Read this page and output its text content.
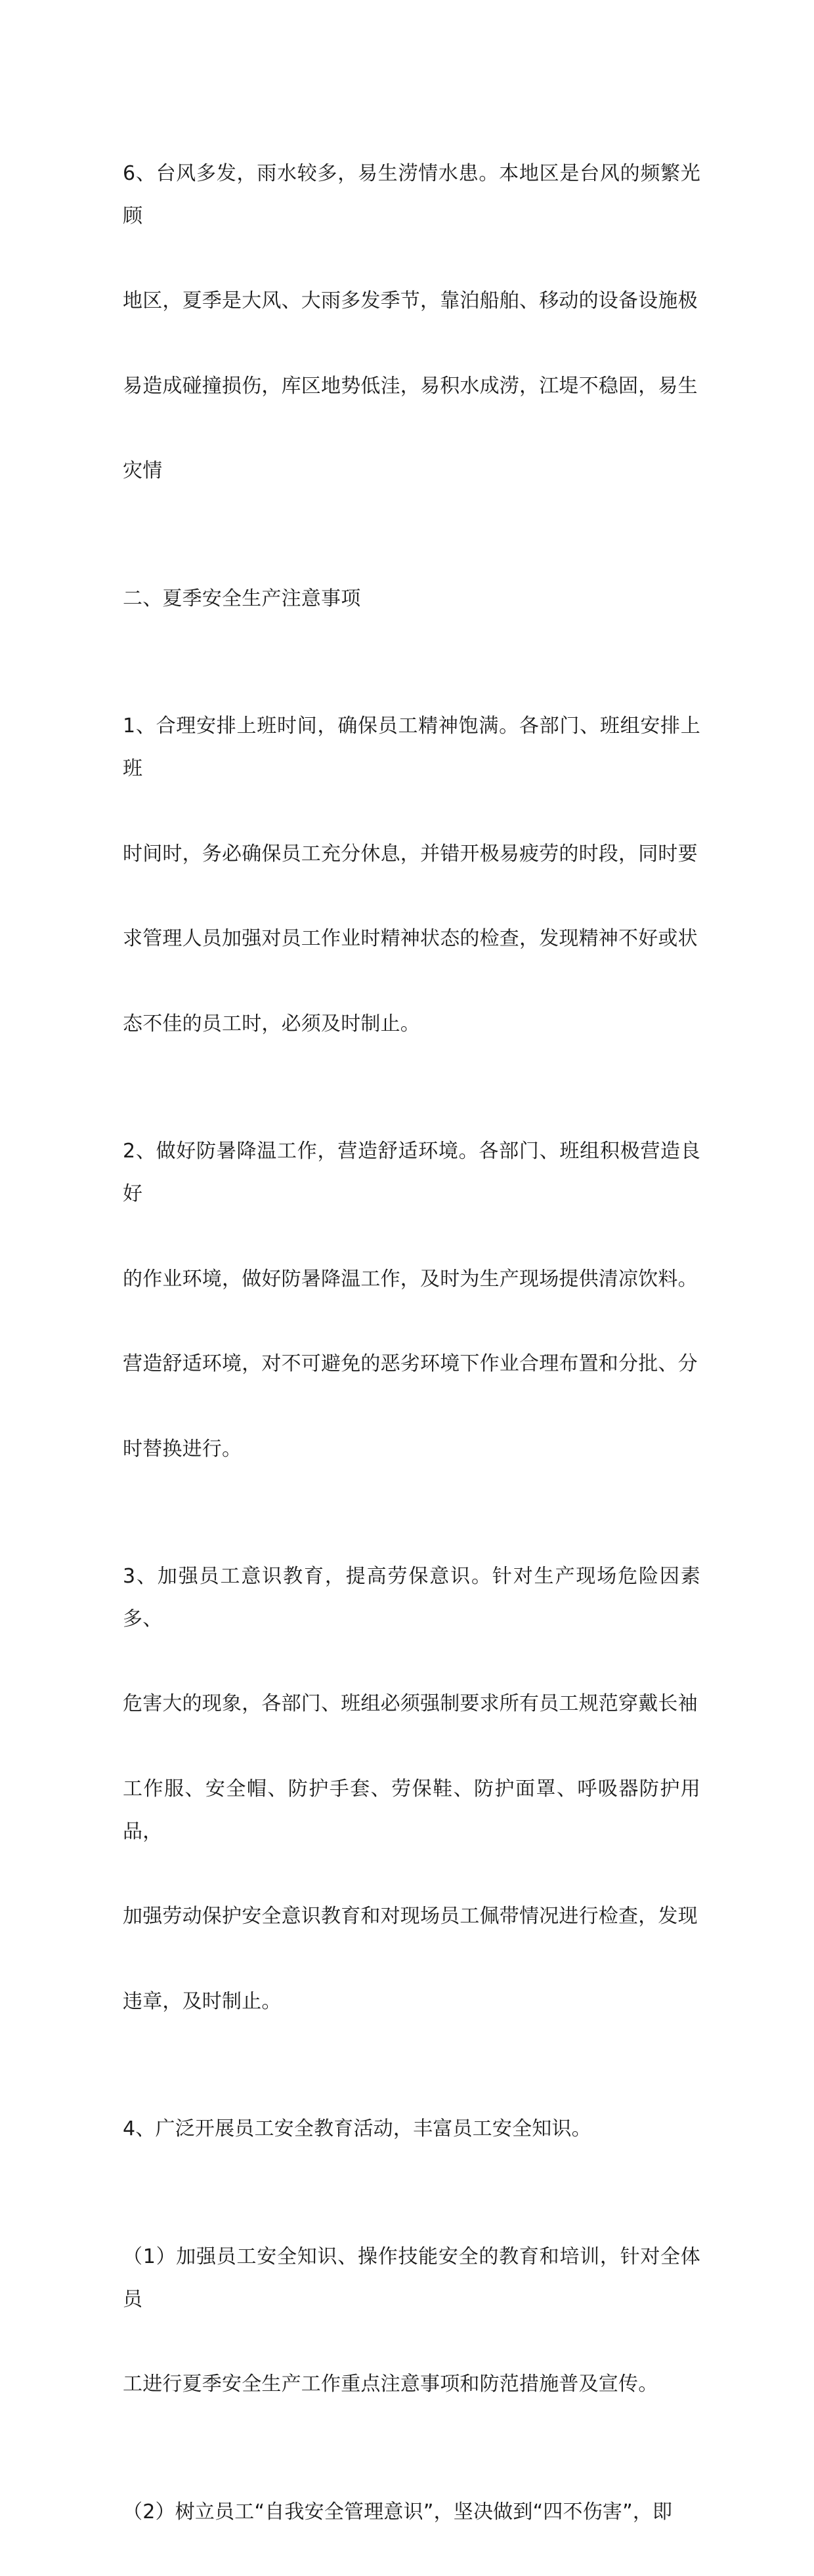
6、台风多发，雨水较多，易生涝情水患。本地区是台风的频繁光顾

地区，夏季是大风、大雨多发季节，靠泊船舶、移动的设备设施极

易造成碰撞损伤，库区地势低洼，易积水成涝，江堤不稳固，易生

灾情

二、夏季安全生产注意事项

1、合理安排上班时间，确保员工精神饱满。各部门、班组安排上班

时间时，务必确保员工充分休息，并错开极易疲劳的时段，同时要

求管理人员加强对员工作业时精神状态的检查，发现精神不好或状

态不佳的员工时，必须及时制止。

2、做好防暑降温工作，营造舒适环境。各部门、班组积极营造良好

的作业环境，做好防暑降温工作，及时为生产现场提供清凉饮料。

营造舒适环境，对不可避免的恶劣环境下作业合理布置和分批、分

时替换进行。

3、加强员工意识教育，提高劳保意识。针对生产现场危险因素多、

危害大的现象，各部门、班组必须强制要求所有员工规范穿戴长袖

工作服、安全帽、防护手套、劳保鞋、防护面罩、呼吸器防护用品，

加强劳动保护安全意识教育和对现场员工佩带情况进行检查，发现

违章，及时制止。

4、广泛开展员工安全教育活动，丰富员工安全知识。

（1）加强员工安全知识、操作技能安全的教育和培训，针对全体员

工进行夏季安全生产工作重点注意事项和防范措施普及宣传。

（2）树立员工“自我安全管理意识”，坚决做到“四不伤害”，即
